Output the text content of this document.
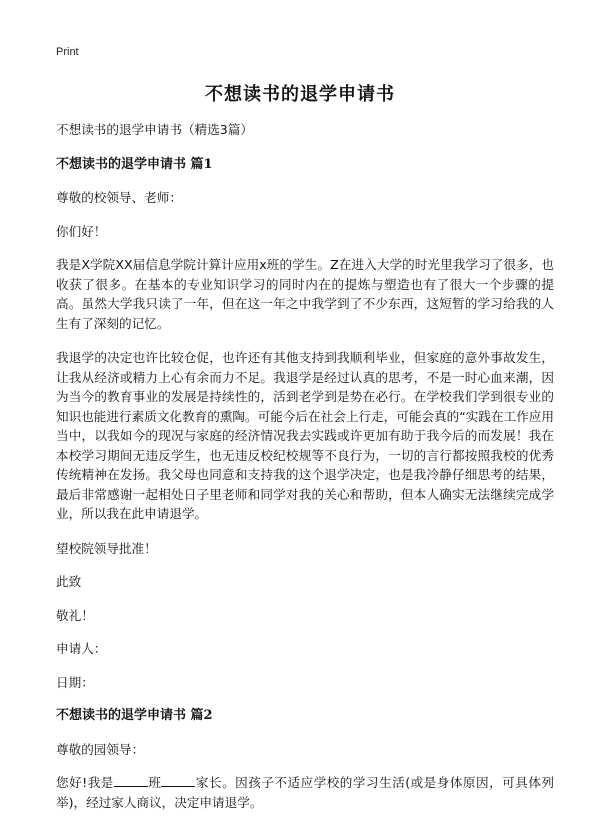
Print
不想读书的退学申请书

不想读书的退学申请书（精选3篇）

不想读书的退学申请书 篇1

尊敬的校领导、老师：

你们好！

我是X学院XX届信息学院计算计应用x班的学生。Z在进入大学的时光里我学习了很多，也收获了很多。在基本的专业知识学习的同时内在的提炼与塑造也有了很大一个步骤的提高。虽然大学我只读了一年，但在这一年之中我学到了不少东西，这短暂的学习给我的人生有了深刻的记忆。

我退学的决定也许比较仓促，也许还有其他支持到我顺利毕业，但家庭的意外事故发生，让我从经济或精力上心有余而力不足。我退学是经过认真的思考，不是一时心血来潮，因为当今的教育事业的发展是持续性的，活到老学到是势在必行。在学校我们学到很专业的知识也能进行素质文化教育的熏陶。可能今后在社会上行走，可能会真的“实践在工作应用当中，以我如今的现况与家庭的经济情况我去实践或许更加有助于我今后的而发展！我在本校学习期间无违反学生，也无违反校纪校规等不良行为，一切的言行都按照我校的优秀传统精神在发扬。我父母也同意和支持我的这个退学决定，也是我冷静仔细思考的结果，最后非常感谢一起相处日子里老师和同学对我的关心和帮助，但本人确实无法继续完成学业，所以我在此申请退学。

望校院领导批准！

此致

敬礼！

申请人：

日期：

不想读书的退学申请书 篇2

尊敬的园领导：

您好!我是	班	家长。因孩子不适应学校的学习生活(或是身体原因，可具体列举)，经过家人商议，决定申请退学。
